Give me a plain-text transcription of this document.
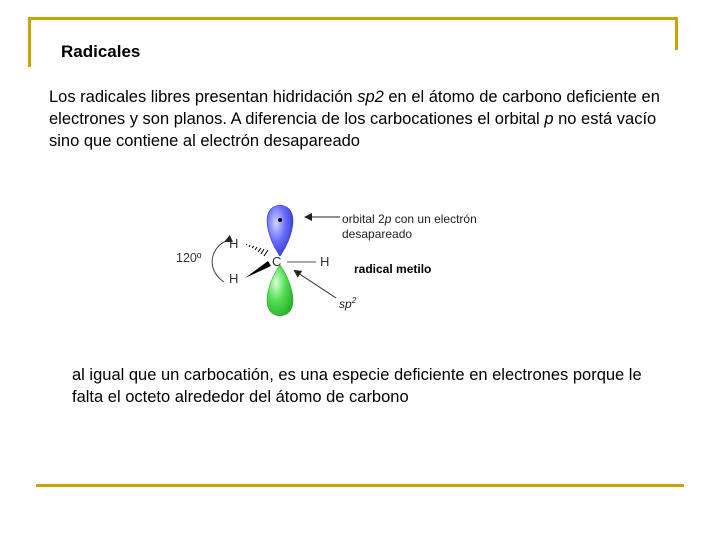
Radicales
Los radicales libres presentan hidridación sp2 en el átomo de carbono deficiente en electrones y son planos. A diferencia de los carbocationes el orbital p no está vacío sino que contiene al electrón desapareado
120º
H
H
C	H
orbital 2p con un electrón
desapareado
radical metilo
$sp^2$
al igual que un carbocatión, es una especie deficiente en electrones porque le falta el octeto alrededor del átomo de carbono
